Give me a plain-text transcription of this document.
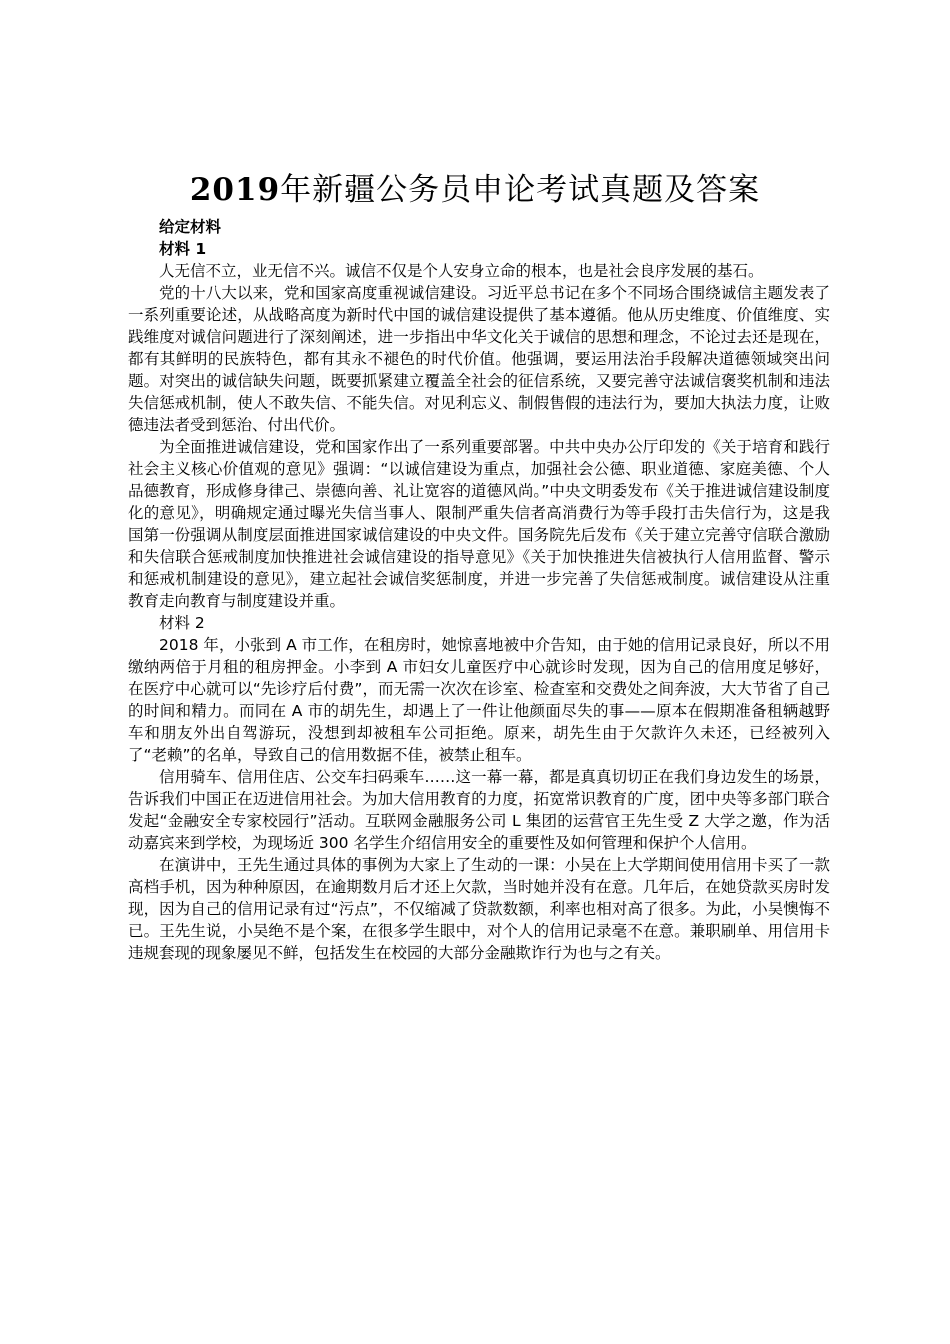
2019年新疆公务员申论考试真题及答案

给定材料

材料 1

人无信不立，业无信不兴。诚信不仅是个人安身立命的根本，也是社会良序发展的基石。

党的十八大以来，党和国家高度重视诚信建设。习近平总书记在多个不同场合围绕诚信主题发表了一系列重要论述，从战略高度为新时代中国的诚信建设提供了基本遵循。他从历史维度、价值维度、实践维度对诚信问题进行了深刻阐述，进一步指出中华文化关于诚信的思想和理念，不论过去还是现在，都有其鲜明的民族特色，都有其永不褪色的时代价值。他强调，要运用法治手段解决道德领域突出问题。对突出的诚信缺失问题，既要抓紧建立覆盖全社会的征信系统，又要完善守法诚信褒奖机制和违法失信惩戒机制，使人不敢失信、不能失信。对见利忘义、制假售假的违法行为，要加大执法力度，让败德违法者受到惩治、付出代价。

为全面推进诚信建设，党和国家作出了一系列重要部署。中共中央办公厅印发的《关于培育和践行社会主义核心价值观的意见》强调：“以诚信建设为重点，加强社会公德、职业道德、家庭美德、个人品德教育，形成修身律己、崇德向善、礼让宽容的道德风尚。”中央文明委发布《关于推进诚信建设制度化的意见》，明确规定通过曝光失信当事人、限制严重失信者高消费行为等手段打击失信行为，这是我国第一份强调从制度层面推进国家诚信建设的中央文件。国务院先后发布《关于建立完善守信联合激励和失信联合惩戒制度加快推进社会诚信建设的指导意见》《关于加快推进失信被执行人信用监督、警示和惩戒机制建设的意见》，建立起社会诚信奖惩制度，并进一步完善了失信惩戒制度。诚信建设从注重教育走向教育与制度建设并重。

材料 2

2018 年，小张到 A 市工作，在租房时，她惊喜地被中介告知，由于她的信用记录良好，所以不用缴纳两倍于月租的租房押金。小李到 A 市妇女儿童医疗中心就诊时发现，因为自己的信用度足够好，在医疗中心就可以“先诊疗后付费”，而无需一次次在诊室、检查室和交费处之间奔波，大大节省了自己的时间和精力。而同在 A 市的胡先生，却遇上了一件让他颜面尽失的事——原本在假期准备租辆越野车和朋友外出自驾游玩，没想到却被租车公司拒绝。原来，胡先生由于欠款许久未还，已经被列入了“老赖”的名单，导致自己的信用数据不佳，被禁止租车。

信用骑车、信用住店、公交车扫码乘车……这一幕一幕，都是真真切切正在我们身边发生的场景，告诉我们中国正在迈进信用社会。为加大信用教育的力度，拓宽常识教育的广度，团中央等多部门联合发起“金融安全专家校园行”活动。互联网金融服务公司 L 集团的运营官王先生受 Z 大学之邀，作为活动嘉宾来到学校，为现场近 300 名学生介绍信用安全的重要性及如何管理和保护个人信用。

在演讲中，王先生通过具体的事例为大家上了生动的一课：小吴在上大学期间使用信用卡买了一款高档手机，因为种种原因，在逾期数月后才还上欠款，当时她并没有在意。几年后，在她贷款买房时发现，因为自己的信用记录有过“污点”，不仅缩减了贷款数额，利率也相对高了很多。为此，小吴懊悔不已。王先生说，小吴绝不是个案，在很多学生眼中，对个人的信用记录毫不在意。兼职刷单、用信用卡违规套现的现象屡见不鲜，包括发生在校园的大部分金融欺诈行为也与之有关。
